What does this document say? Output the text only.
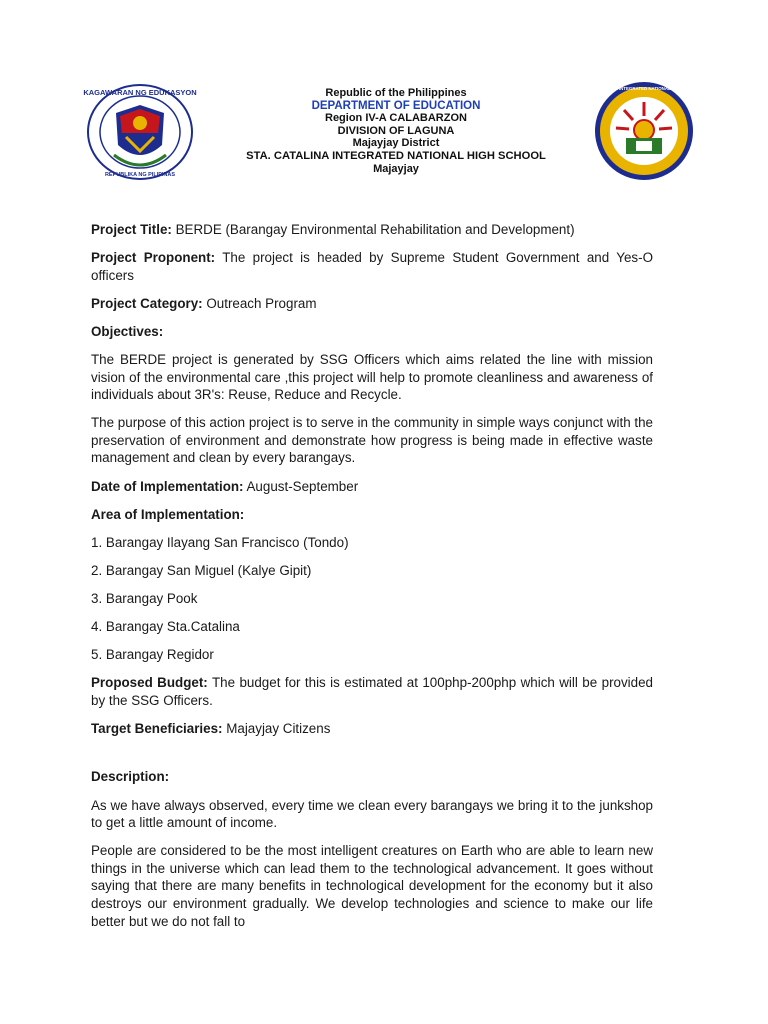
KAGAWARAN NG EDUKASYON
REPUBLIKA NG PILIPINAS
Republic of the Philippines
DEPARTMENT OF EDUCATION
Region IV-A CALABARZON
DIVISION OF LAGUNA
Majayjay District
STA. CATALINA INTEGRATED NATIONAL HIGH SCHOOL
Majayjay
STA. CATALINA INTEGRATED NATIONAL HIGH SCHOOL

Project Title: BERDE (Barangay Environmental Rehabilitation and Development)

Project Proponent: The project is headed by Supreme Student Government and Yes-O officers

Project Category: Outreach Program

Objectives:

The BERDE project is generated by SSG Officers which aims related the line with mission vision of the environmental care ,this project will help to promote cleanliness and awareness of individuals about 3R's: Reuse, Reduce and Recycle.

The purpose of this action project is to serve in the community in simple ways conjunct with the preservation of environment and demonstrate how progress is being made in effective waste management and clean by every barangays.

Date of Implementation: August-September

Area of Implementation:

1. Barangay Ilayang San Francisco (Tondo)

2. Barangay San Miguel (Kalye Gipit)

3. Barangay Pook

4. Barangay Sta.Catalina

5. Barangay Regidor

Proposed Budget: The budget for this is estimated at 100php-200php which will be provided by the SSG Officers.

Target Beneficiaries: Majayjay Citizens

Description:

As we have always observed, every time we clean every barangays we bring it to the junkshop to get a little amount of income.

People are considered to be the most intelligent creatures on Earth who are able to learn new things in the universe which can lead them to the technological advancement. It goes without saying that there are many benefits in technological development for the economy but it also destroys our environment gradually. We develop technologies and science to make our life better but we do not fall to
